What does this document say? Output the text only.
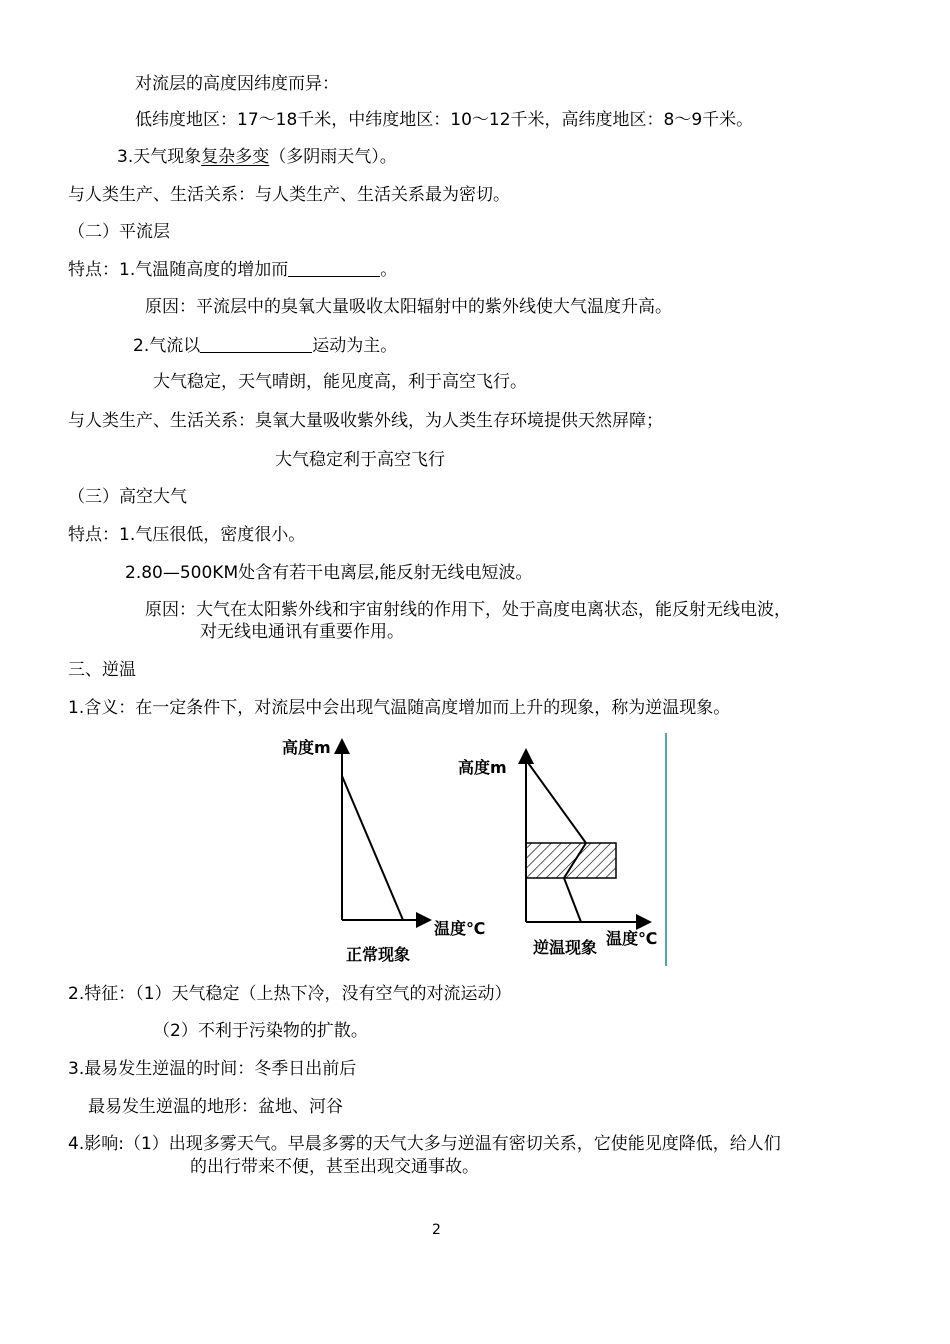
对流层的高度因纬度而异：
低纬度地区：17～18千米，中纬度地区：10～12千米，高纬度地区：8～9千米。
3.天气现象复杂多变（多阴雨天气）。
与人类生产、生活关系：与人类生产、生活关系最为密切。
（二）平流层
特点：1.气温随高度的增加而	。
原因：平流层中的臭氧大量吸收太阳辐射中的紫外线使大气温度升高。
2.气流以	运动为主。
大气稳定，天气晴朗，能见度高，利于高空飞行。
与人类生产、生活关系：臭氧大量吸收紫外线，为人类生存环境提供天然屏障；
大气稳定利于高空飞行
（三）高空大气
特点：1.气压很低，密度很小。
2.80—500KM处含有若干电离层,能反射无线电短波。
原因：大气在太阳紫外线和宇宙射线的作用下，处于高度电离状态，能反射无线电波，
对无线电通讯有重要作用。
三、逆温
1.含义：在一定条件下，对流层中会出现气温随高度增加而上升的现象，称为逆温现象。
高度m
温度℃
正常现象
高度m
逆温现象 温度℃
2.特征：（1）天气稳定（上热下冷，没有空气的对流运动）
（2）不利于污染物的扩散。
3.最易发生逆温的时间：冬季日出前后
最易发生逆温的地形：盆地、河谷
4.影响:（1）出现多雾天气。早晨多雾的天气大多与逆温有密切关系，它使能见度降低，给人们
的出行带来不便，甚至出现交通事故。
2
